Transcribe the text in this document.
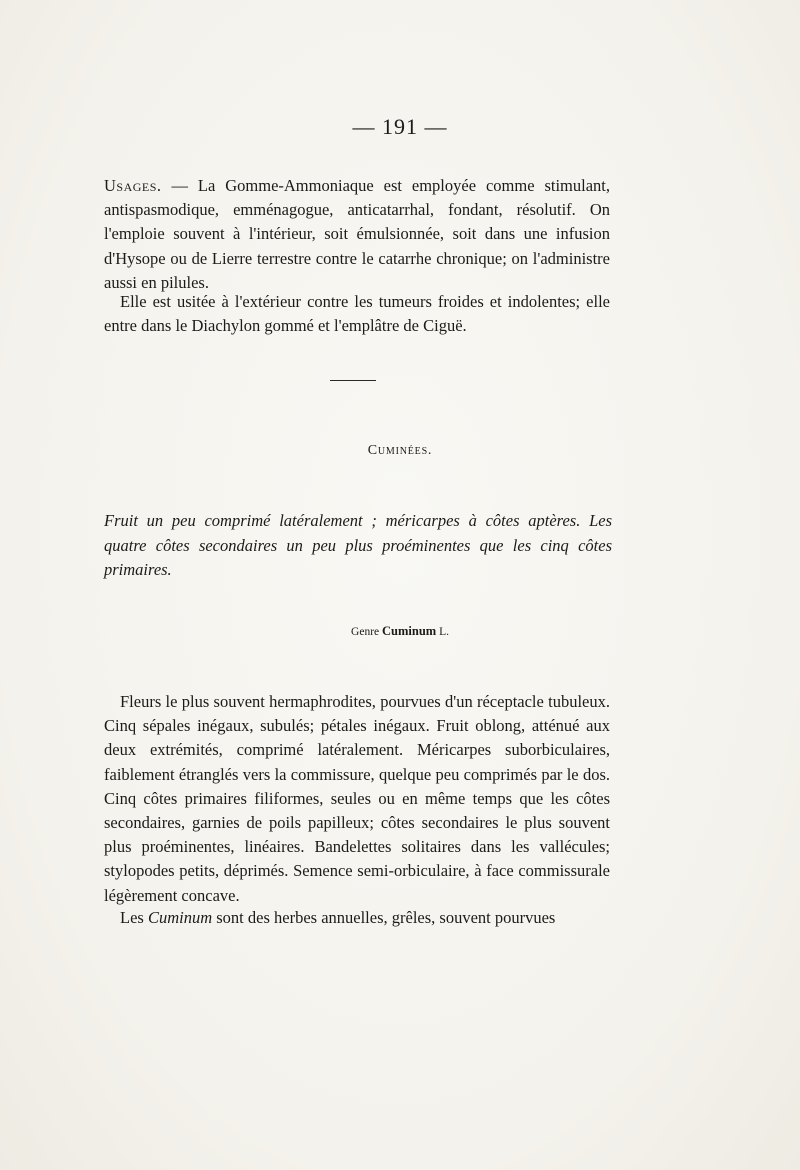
— 191 —

Usages. — La Gomme-Ammoniaque est employée comme stimulant, antispasmodique, emménagogue, anticatarrhal, fondant, résolutif. On l'emploie souvent à l'intérieur, soit émulsionnée, soit dans une infusion d'Hysope ou de Lierre terrestre contre le catarrhe chronique; on l'administre aussi en pilules.

Elle est usitée à l'extérieur contre les tumeurs froides et indolentes; elle entre dans le Diachylon gommé et l'emplâtre de Ciguë.

Cuminées.

Fruit un peu comprimé latéralement ; méricarpes à côtes aptères. Les quatre côtes secondaires un peu plus proéminentes que les cinq côtes primaires.

Genre Cuminum L.

Fleurs le plus souvent hermaphrodites, pourvues d'un réceptacle tubuleux. Cinq sépales inégaux, subulés; pétales inégaux. Fruit oblong, atténué aux deux extrémités, comprimé latéralement. Méricarpes suborbiculaires, faiblement étranglés vers la commissure, quelque peu comprimés par le dos. Cinq côtes primaires filiformes, seules ou en même temps que les côtes secondaires, garnies de poils papilleux; côtes secondaires le plus souvent plus proéminentes, linéaires. Bandelettes solitaires dans les vallécules; stylopodes petits, déprimés. Semence semi-orbiculaire, à face commissurale légèrement concave.

Les Cuminum sont des herbes annuelles, grêles, souvent pourvues
